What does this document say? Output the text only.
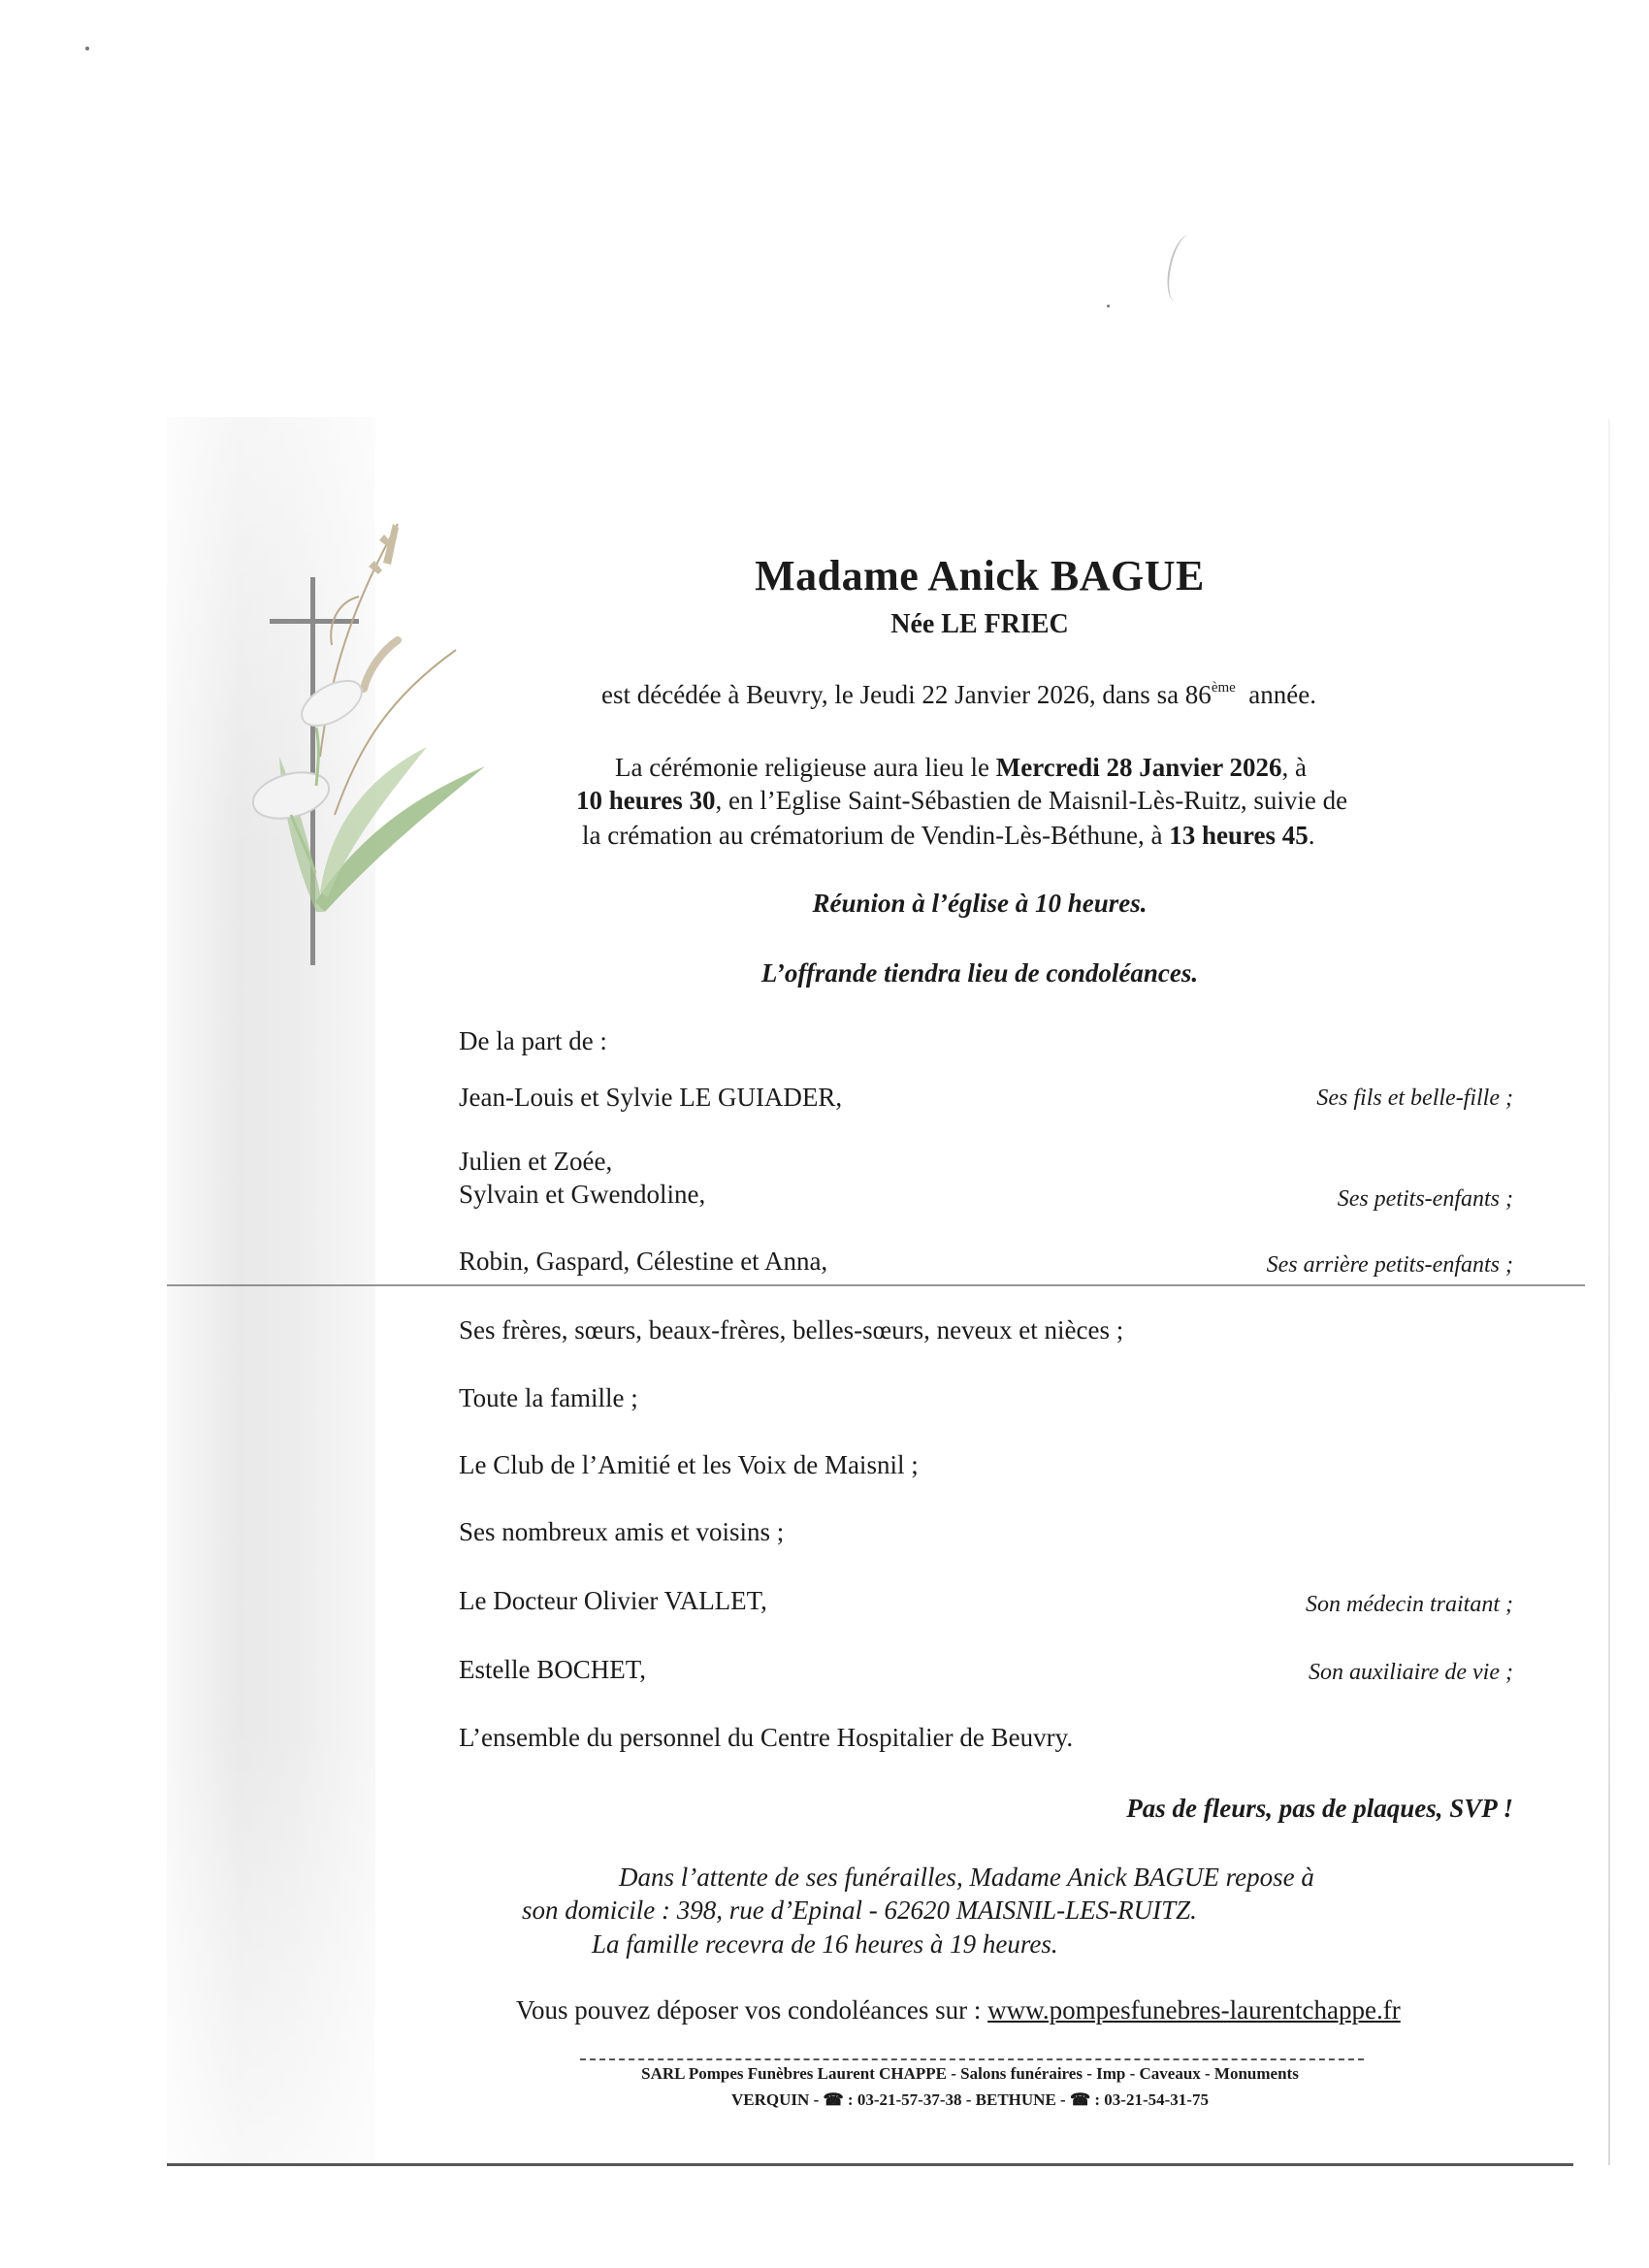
Madame Anick BAGUE
Née LE FRIEC
est décédée à Beuvry, le Jeudi 22 Janvier 2026, dans sa 86ème année.
La cérémonie religieuse aura lieu le Mercredi 28 Janvier 2026, à
10 heures 30, en l’Eglise Saint-Sébastien de Maisnil-Lès-Ruitz, suivie de
la crémation au crématorium de Vendin-Lès-Béthune, à 13 heures 45.
Réunion à l’église à 10 heures.
L’offrande tiendra lieu de condoléances.
De la part de :
Jean-Louis et Sylvie LE GUIADER,	Ses fils et belle-fille ;
Julien et Zoée,
Sylvain et Gwendoline,	Ses petits-enfants ;
Robin, Gaspard, Célestine et Anna,	Ses arrière petits-enfants ;
Ses frères, sœurs, beaux-frères, belles-sœurs, neveux et nièces ;
Toute la famille ;
Le Club de l’Amitié et les Voix de Maisnil ;
Ses nombreux amis et voisins ;
Le Docteur Olivier VALLET,	Son médecin traitant ;
Estelle BOCHET,	Son auxiliaire de vie ;
L’ensemble du personnel du Centre Hospitalier de Beuvry.
Pas de fleurs, pas de plaques, SVP !
Dans l’attente de ses funérailles, Madame Anick BAGUE repose à
son domicile : 398, rue d’Epinal - 62620 MAISNIL-LES-RUITZ.
La famille recevra de 16 heures à 19 heures.
Vous pouvez déposer vos condoléances sur : www.pompesfunebres-laurentchappe.fr
SARL Pompes Funèbres Laurent CHAPPE - Salons funéraires - Imp - Caveaux - Monuments
VERQUIN - ☎ : 03-21-57-37-38 - BETHUNE - ☎ : 03-21-54-31-75
